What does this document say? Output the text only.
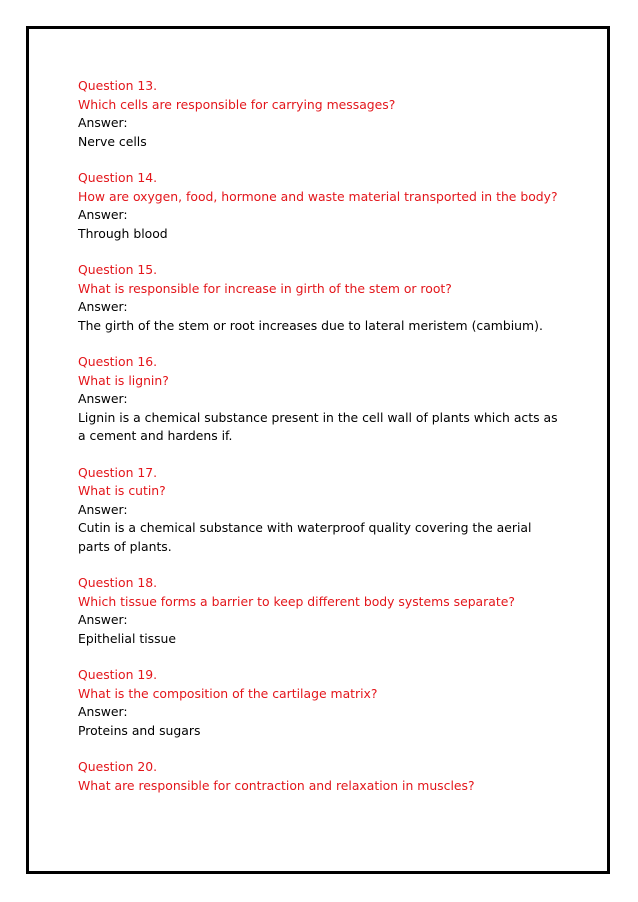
Question 13.
Which cells are responsible for carrying messages?
Answer:
Nerve cells
Question 14.
How are oxygen, food, hormone and waste material transported in the body?
Answer:
Through blood
Question 15.
What is responsible for increase in girth of the stem or root?
Answer:
The girth of the stem or root increases due to lateral meristem (cambium).
Question 16.
What is lignin?
Answer:
Lignin is a chemical substance present in the cell wall of plants which acts as a cement and hardens if.
Question 17.
What is cutin?
Answer:
Cutin is a chemical substance with waterproof quality covering the aerial parts of plants.
Question 18.
Which tissue forms a barrier to keep different body systems separate?
Answer:
Epithelial tissue
Question 19.
What is the composition of the cartilage matrix?
Answer:
Proteins and sugars
Question 20.
What are responsible for contraction and relaxation in muscles?
